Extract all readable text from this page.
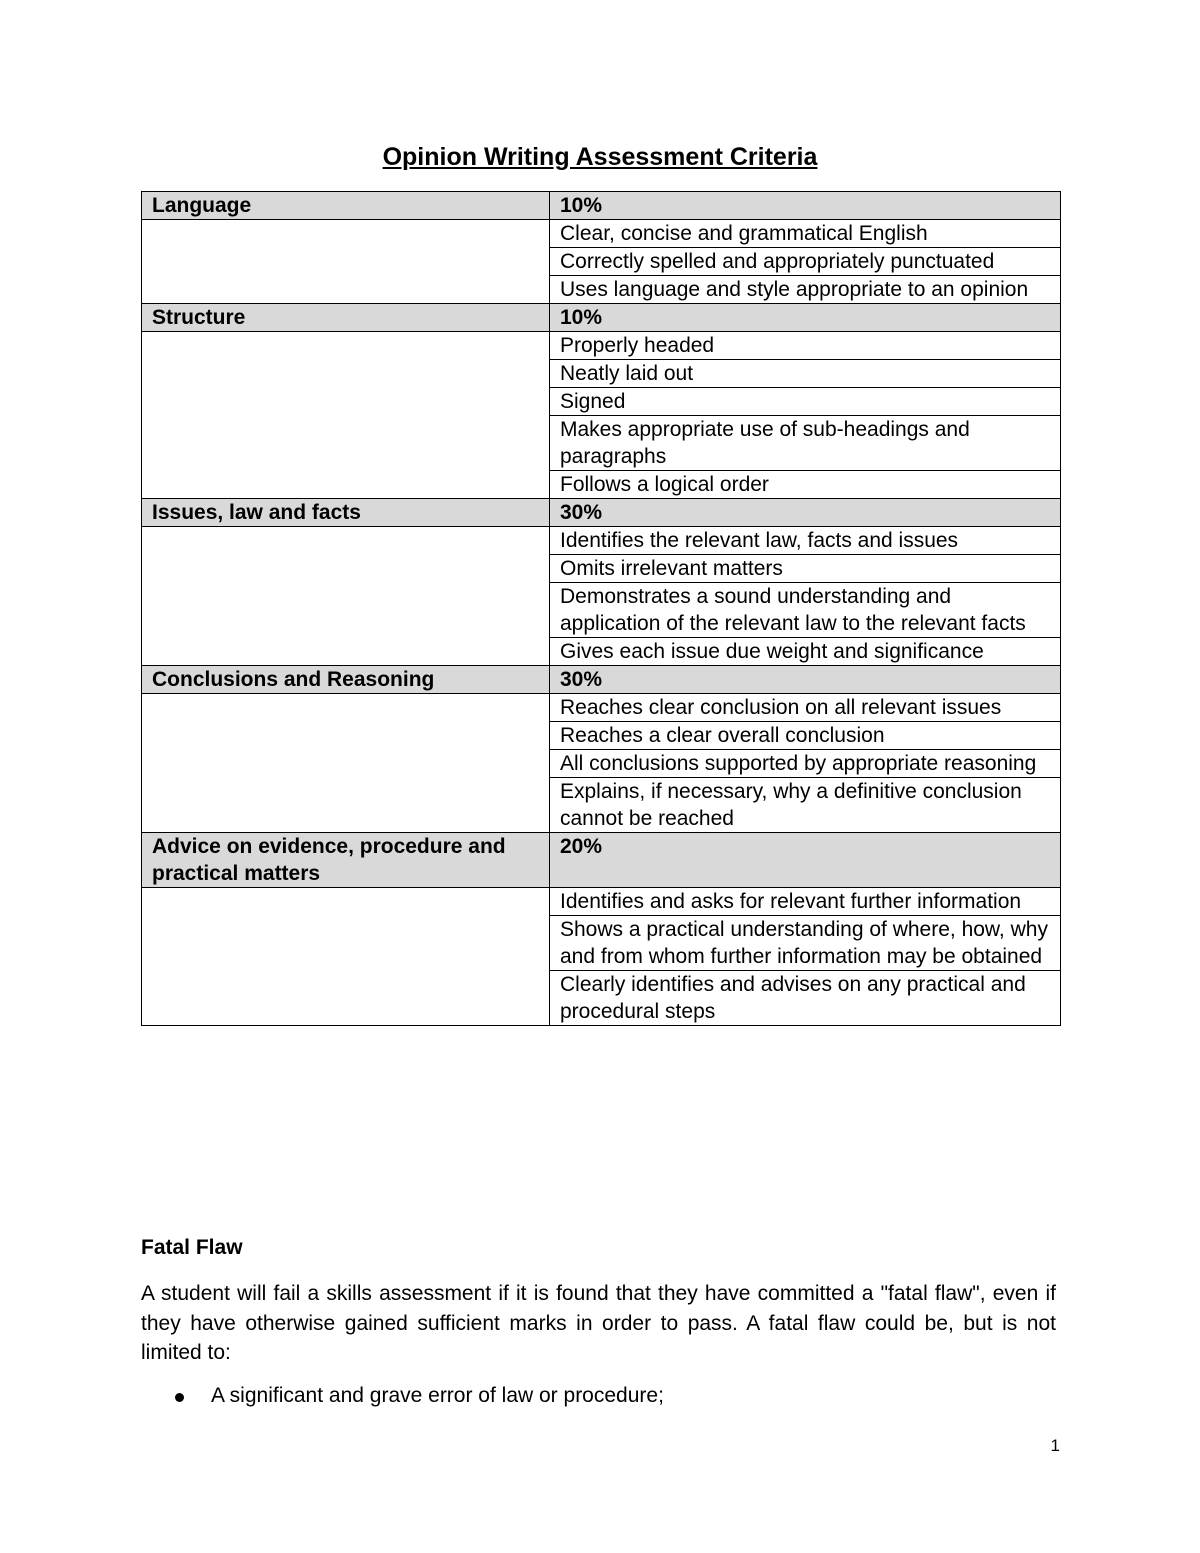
Opinion Writing Assessment Criteria
Language	10%
	Clear, concise and grammatical English
	Correctly spelled and appropriately punctuated
	Uses language and style appropriate to an opinion
Structure	10%
	Properly headed
	Neatly laid out
	Signed
	Makes appropriate use of sub-headings and paragraphs
	Follows a logical order
Issues, law and facts	30%
	Identifies the relevant law, facts and issues
	Omits irrelevant matters
	Demonstrates a sound understanding and application of the relevant law to the relevant facts
	Gives each issue due weight and significance
Conclusions and Reasoning	30%
	Reaches clear conclusion on all relevant issues
	Reaches a clear overall conclusion
	All conclusions supported by appropriate reasoning
	Explains, if necessary, why a definitive conclusion cannot be reached
Advice on evidence, procedure and practical matters	20%
	Identifies and asks for relevant further information
	Shows a practical understanding of where, how, why and from whom further information may be obtained
	Clearly identifies and advises on any practical and procedural steps
Fatal Flaw

A student will fail a skills assessment if it is found that they have committed a "fatal flaw", even if they have otherwise gained sufficient marks in order to pass. A fatal flaw could be, but is not limited to:

A significant and grave error of law or procedure;
1
